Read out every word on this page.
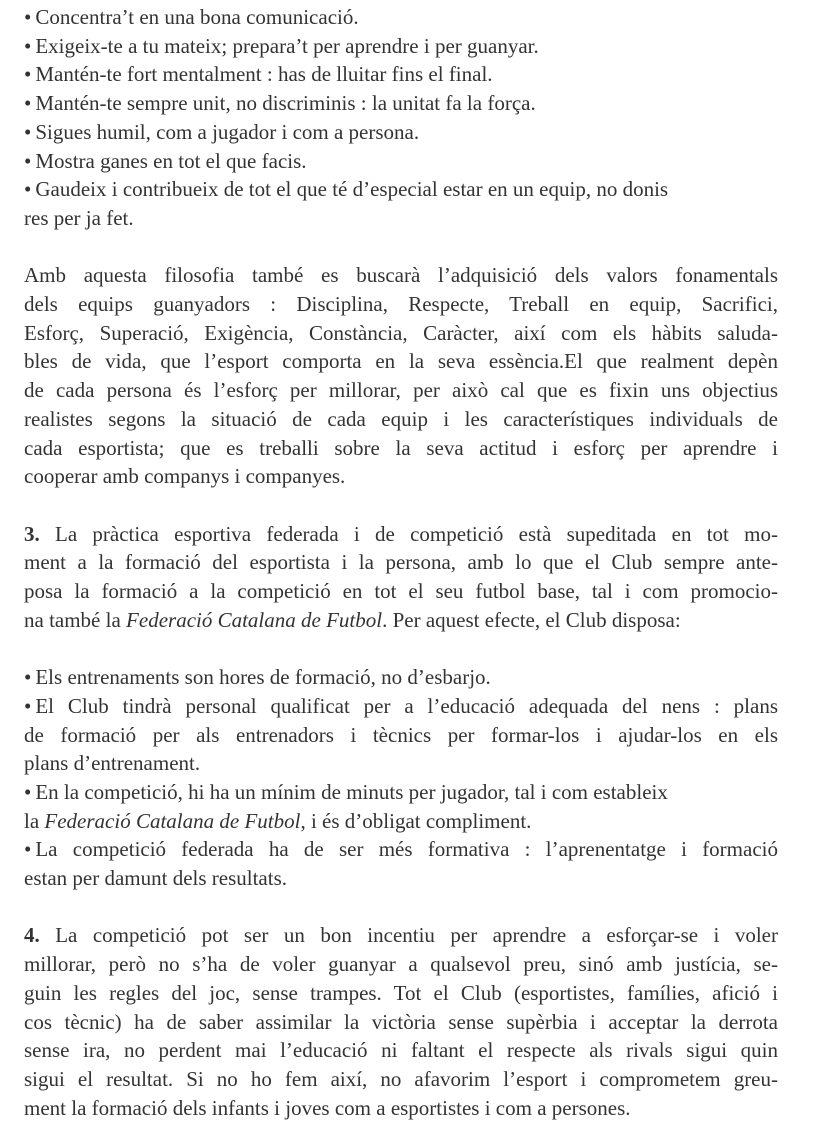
• Concentra’t en una bona comunicació.
• Exigeix-te a tu mateix; prepara’t per aprendre i per guanyar.
• Mantén-te fort mentalment : has de lluitar fins el final.
• Mantén-te sempre unit, no discriminis : la unitat fa la força.
• Sigues humil, com a jugador i com a persona.
• Mostra ganes en tot el que facis.
• Gaudeix i contribueix de tot el que té d’especial estar en un equip, no donis
res per ja fet.
Amb aquesta filosofia també es buscarà l’adquisició dels valors fonamentals
dels equips guanyadors : Disciplina, Respecte, Treball en equip, Sacrifici,
Esforç, Superació, Exigència, Constància, Caràcter, així com els hàbits saluda-
bles de vida, que l’esport comporta en la seva essència.El que realment depèn
de cada persona és l’esforç per millorar, per això cal que es fixin uns objectius
realistes segons la situació de cada equip i les característiques individuals de
cada esportista; que es treballi sobre la seva actitud i esforç per aprendre i
cooperar amb companys i companyes.
3. La pràctica esportiva federada i de competició està supeditada en tot mo-
ment a la formació del esportista i la persona, amb lo que el Club sempre ante-
posa la formació a la competició en tot el seu futbol base, tal i com promocio-
na també la Federació Catalana de Futbol. Per aquest efecte, el Club disposa:
• Els entrenaments son hores de formació, no d’esbarjo.
• El Club tindrà personal qualificat per a l’educació adequada del nens : plans
de formació per als entrenadors i tècnics per formar-los i ajudar-los en els
plans d’entrenament.
• En la competició, hi ha un mínim de minuts per jugador, tal i com estableix
la Federació Catalana de Futbol, i és d’obligat compliment.
• La competició federada ha de ser més formativa : l’aprenentatge i formació
estan per damunt dels resultats.
4. La competició pot ser un bon incentiu per aprendre a esforçar-se i voler
millorar, però no s’ha de voler guanyar a qualsevol preu, sinó amb justícia, se-
guin les regles del joc, sense trampes. Tot el Club (esportistes, famílies, afició i
cos tècnic) ha de saber assimilar la victòria sense supèrbia i acceptar la derrota
sense ira, no perdent mai l’educació ni faltant el respecte als rivals sigui quin
sigui el resultat. Si no ho fem així, no afavorim l’esport i comprometem greu-
ment la formació dels infants i joves com a esportistes i com a persones.
